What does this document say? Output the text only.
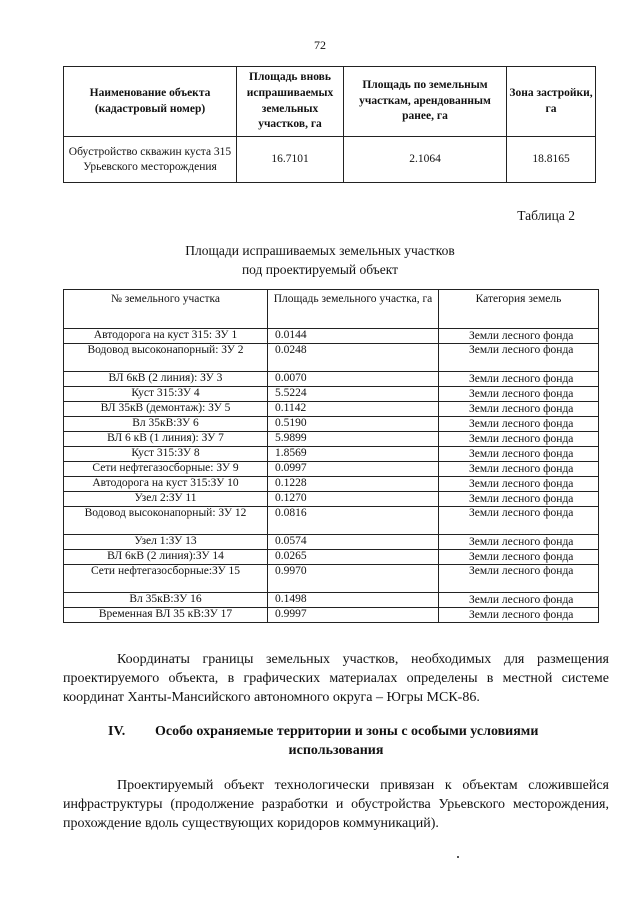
72
Наименование объекта (кадастровый номер)	Площадь вновь испрашиваемых земельных участков, га	Площадь по земельным участкам, арендованным ранее, га	Зона застройки, га
Обустройство скважин куста 315 Урьевского месторождения	16.7101	2.1064	18.8165
Таблица 2
Площади испрашиваемых земельных участков
под проектируемый объект
№ земельного участка	Площадь земельного участка, га	Категория земель
Автодорога на куст 315: ЗУ 1	0.0144	Земли лесного фонда
Водовод высоконапорный: ЗУ 2	0.0248	Земли лесного фонда
ВЛ 6кВ (2 линия): ЗУ 3	0.0070	Земли лесного фонда
Куст 315:ЗУ 4	5.5224	Земли лесного фонда
ВЛ 35кВ (демонтаж): ЗУ 5	0.1142	Земли лесного фонда
Вл 35кВ:ЗУ 6	0.5190	Земли лесного фонда
ВЛ 6 кВ (1 линия): ЗУ 7	5.9899	Земли лесного фонда
Куст 315:ЗУ 8	1.8569	Земли лесного фонда
Сети нефтегазосборные: ЗУ 9	0.0997	Земли лесного фонда
Автодорога на куст 315:ЗУ 10	0.1228	Земли лесного фонда
Узел 2:ЗУ 11	0.1270	Земли лесного фонда
Водовод высоконапорный: ЗУ 12	0.0816	Земли лесного фонда
Узел 1:ЗУ 13	0.0574	Земли лесного фонда
ВЛ 6кВ (2 линия):ЗУ 14	0.0265	Земли лесного фонда
Сети нефтегазосборные:ЗУ 15	0.9970	Земли лесного фонда
Вл 35кВ:ЗУ 16	0.1498	Земли лесного фонда
Временная ВЛ 35 кВ:ЗУ 17	0.9997	Земли лесного фонда
Координаты границы земельных участков, необходимых для размещения проектируемого объекта, в графических материалах определены в местной системе координат Ханты-Мансийского автономного округа – Югры МСК-86.
IV. Особо охраняемые территории и зоны с особыми условиями
использования
Проектируемый объект технологически привязан к объектам сложившейся инфраструктуры (продолжение разработки и обустройства Урьевского месторождения, прохождение вдоль существующих коридоров коммуникаций).
